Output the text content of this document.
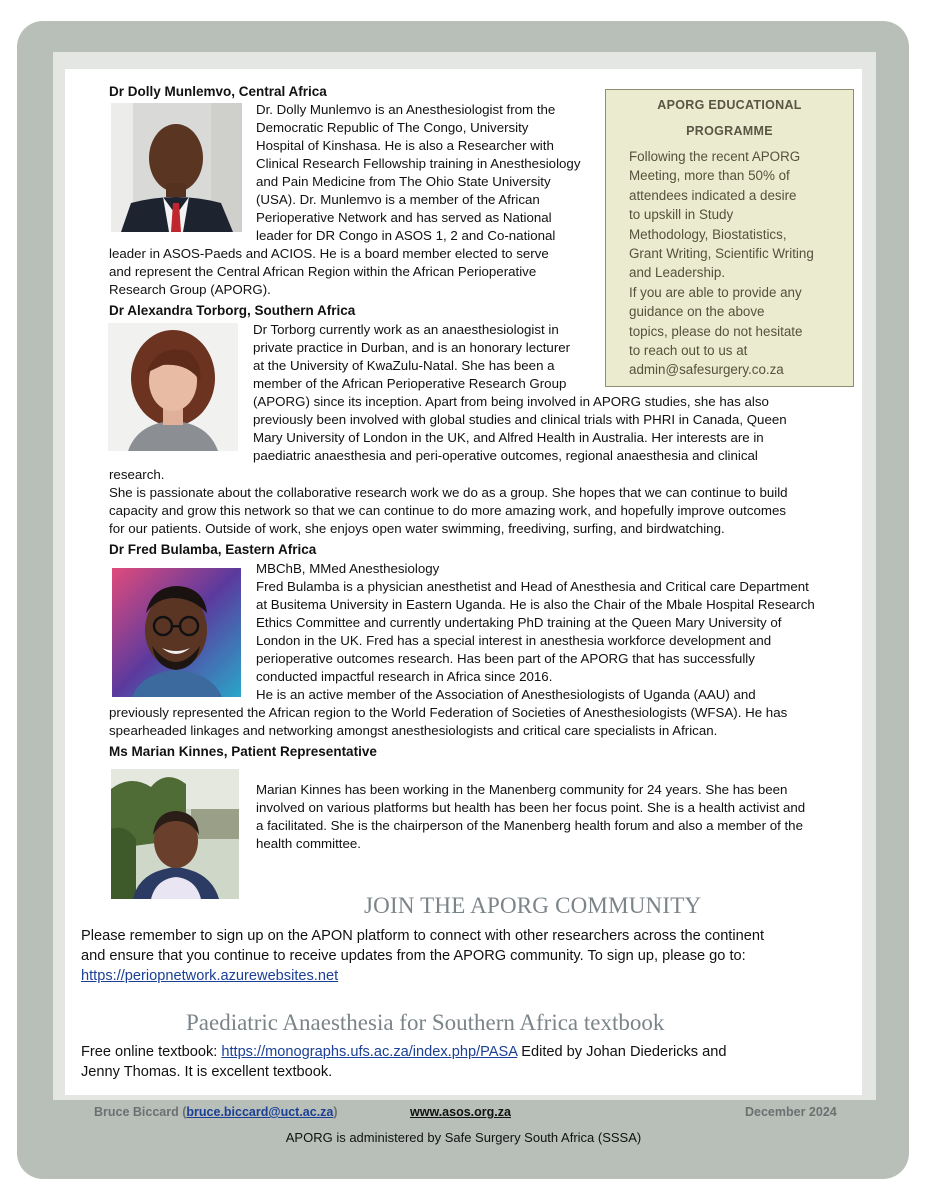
Dr Dolly Munlemvo, Central Africa
Dr. Dolly Munlemvo is an Anesthesiologist from the
Democratic Republic of The Congo, University
Hospital of Kinshasa. He is also a Researcher with
Clinical Research Fellowship training in Anesthesiology
and Pain Medicine from The Ohio State University
(USA). Dr. Munlemvo is a member of the African
Perioperative Network and has served as National
leader for DR Congo in ASOS 1, 2 and Co-national
leader in ASOS-Paeds and ACIOS. He is a board member elected to serve
and represent the Central African Region within the African Perioperative
Research Group (APORG).
APORG EDUCATIONAL
PROGRAMME
Following the recent APORG
Meeting, more than 50% of
attendees indicated a desire
to upskill in Study
Methodology, Biostatistics,
Grant Writing, Scientific Writing
and Leadership.
If you are able to provide any
guidance on the above
topics, please do not hesitate
to reach out to us at
admin@safesurgery.co.za
Dr Alexandra Torborg, Southern Africa
Dr Torborg currently work as an anaesthesiologist in
private practice in Durban, and is an honorary lecturer
at the University of KwaZulu-Natal. She has been a
member of the African Perioperative Research Group
(APORG) since its inception. Apart from being involved in APORG studies, she has also
previously been involved with global studies and clinical trials with PHRI in Canada, Queen
Mary University of London in the UK, and Alfred Health in Australia. Her interests are in
paediatric anaesthesia and peri-operative outcomes, regional anaesthesia and clinical
research.
She is passionate about the collaborative research work we do as a group. She hopes that we can continue to build
capacity and grow this network so that we can continue to do more amazing work, and hopefully improve outcomes
for our patients. Outside of work, she enjoys open water swimming, freediving, surfing, and birdwatching.
Dr Fred Bulamba, Eastern Africa
MBChB, MMed Anesthesiology
Fred Bulamba is a physician anesthetist and Head of Anesthesia and Critical care Department
at Busitema University in Eastern Uganda. He is also the Chair of the Mbale Hospital Research
Ethics Committee and currently undertaking PhD training at the Queen Mary University of
London in the UK. Fred has a special interest in anesthesia workforce development and
perioperative outcomes research. Has been part of the APORG that has successfully
conducted impactful research in Africa since 2016.
He is an active member of the Association of Anesthesiologists of Uganda (AAU) and
previously represented the African region to the World Federation of Societies of Anesthesiologists (WFSA). He has
spearheaded linkages and networking amongst anesthesiologists and critical care specialists in African.
Ms Marian Kinnes, Patient Representative
Marian Kinnes has been working in the Manenberg community for 24 years. She has been
involved on various platforms but health has been her focus point. She is a health activist and
a facilitated. She is the chairperson of the Manenberg health forum and also a member of the
health committee.
JOIN THE APORG COMMUNITY
Please remember to sign up on the APON platform to connect with other researchers across the continent
and ensure that you continue to receive updates from the APORG community. To sign up, please go to:
https://periopnetwork.azurewebsites.net
Paediatric Anaesthesia for Southern Africa textbook
Free online textbook: https://monographs.ufs.ac.za/index.php/PASA Edited by Johan Diedericks and
Jenny Thomas. It is excellent textbook.
Bruce Biccard (bruce.biccard@uct.ac.za)	www.asos.org.za	December 2024
APORG is administered by Safe Surgery South Africa (SSSA)
